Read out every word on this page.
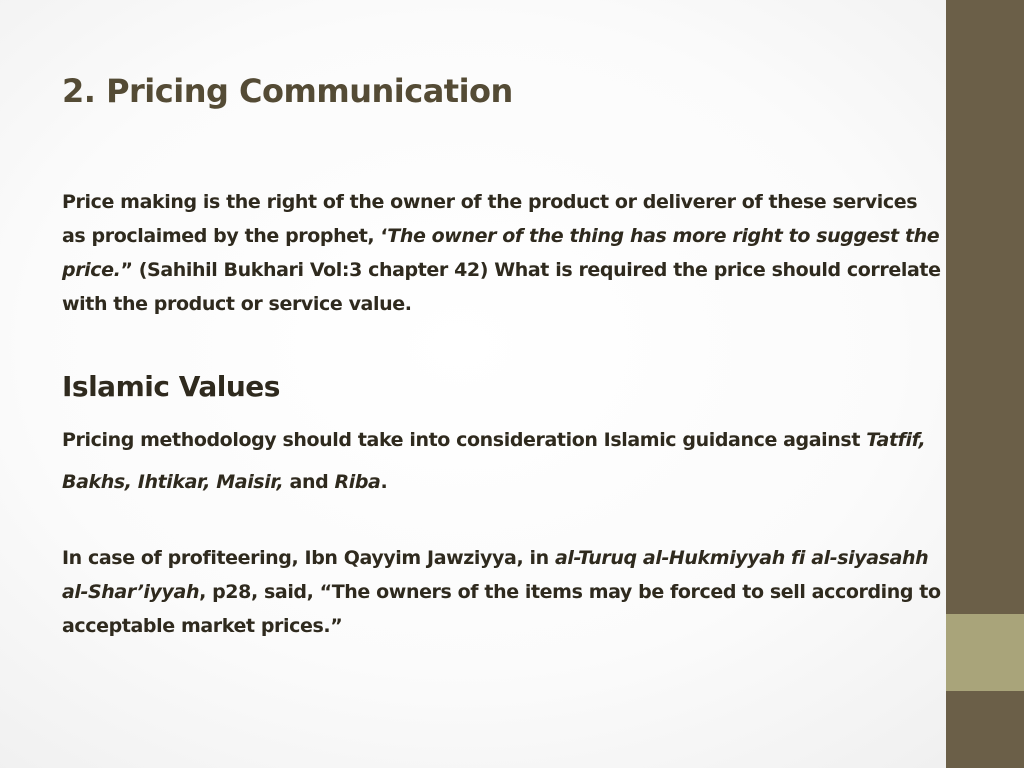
2. Pricing Communication

Price making is the right of the owner of the product or deliverer of these services as proclaimed by the prophet, ‘The owner of the thing has more right to suggest the price.” (Sahihil Bukhari Vol:3 chapter 42) What is required the price should correlate with the product or service value.

Islamic Values

Pricing methodology should take into consideration Islamic guidance against Tatfif, Bakhs, Ihtikar, Maisir, and Riba.

In case of profiteering, Ibn Qayyim Jawziyya, in al-Turuq al-Hukmiyyah fi al-siyasahh al-Shar’iyyah, p28, said, “The owners of the items may be forced to sell according to acceptable market prices.”
